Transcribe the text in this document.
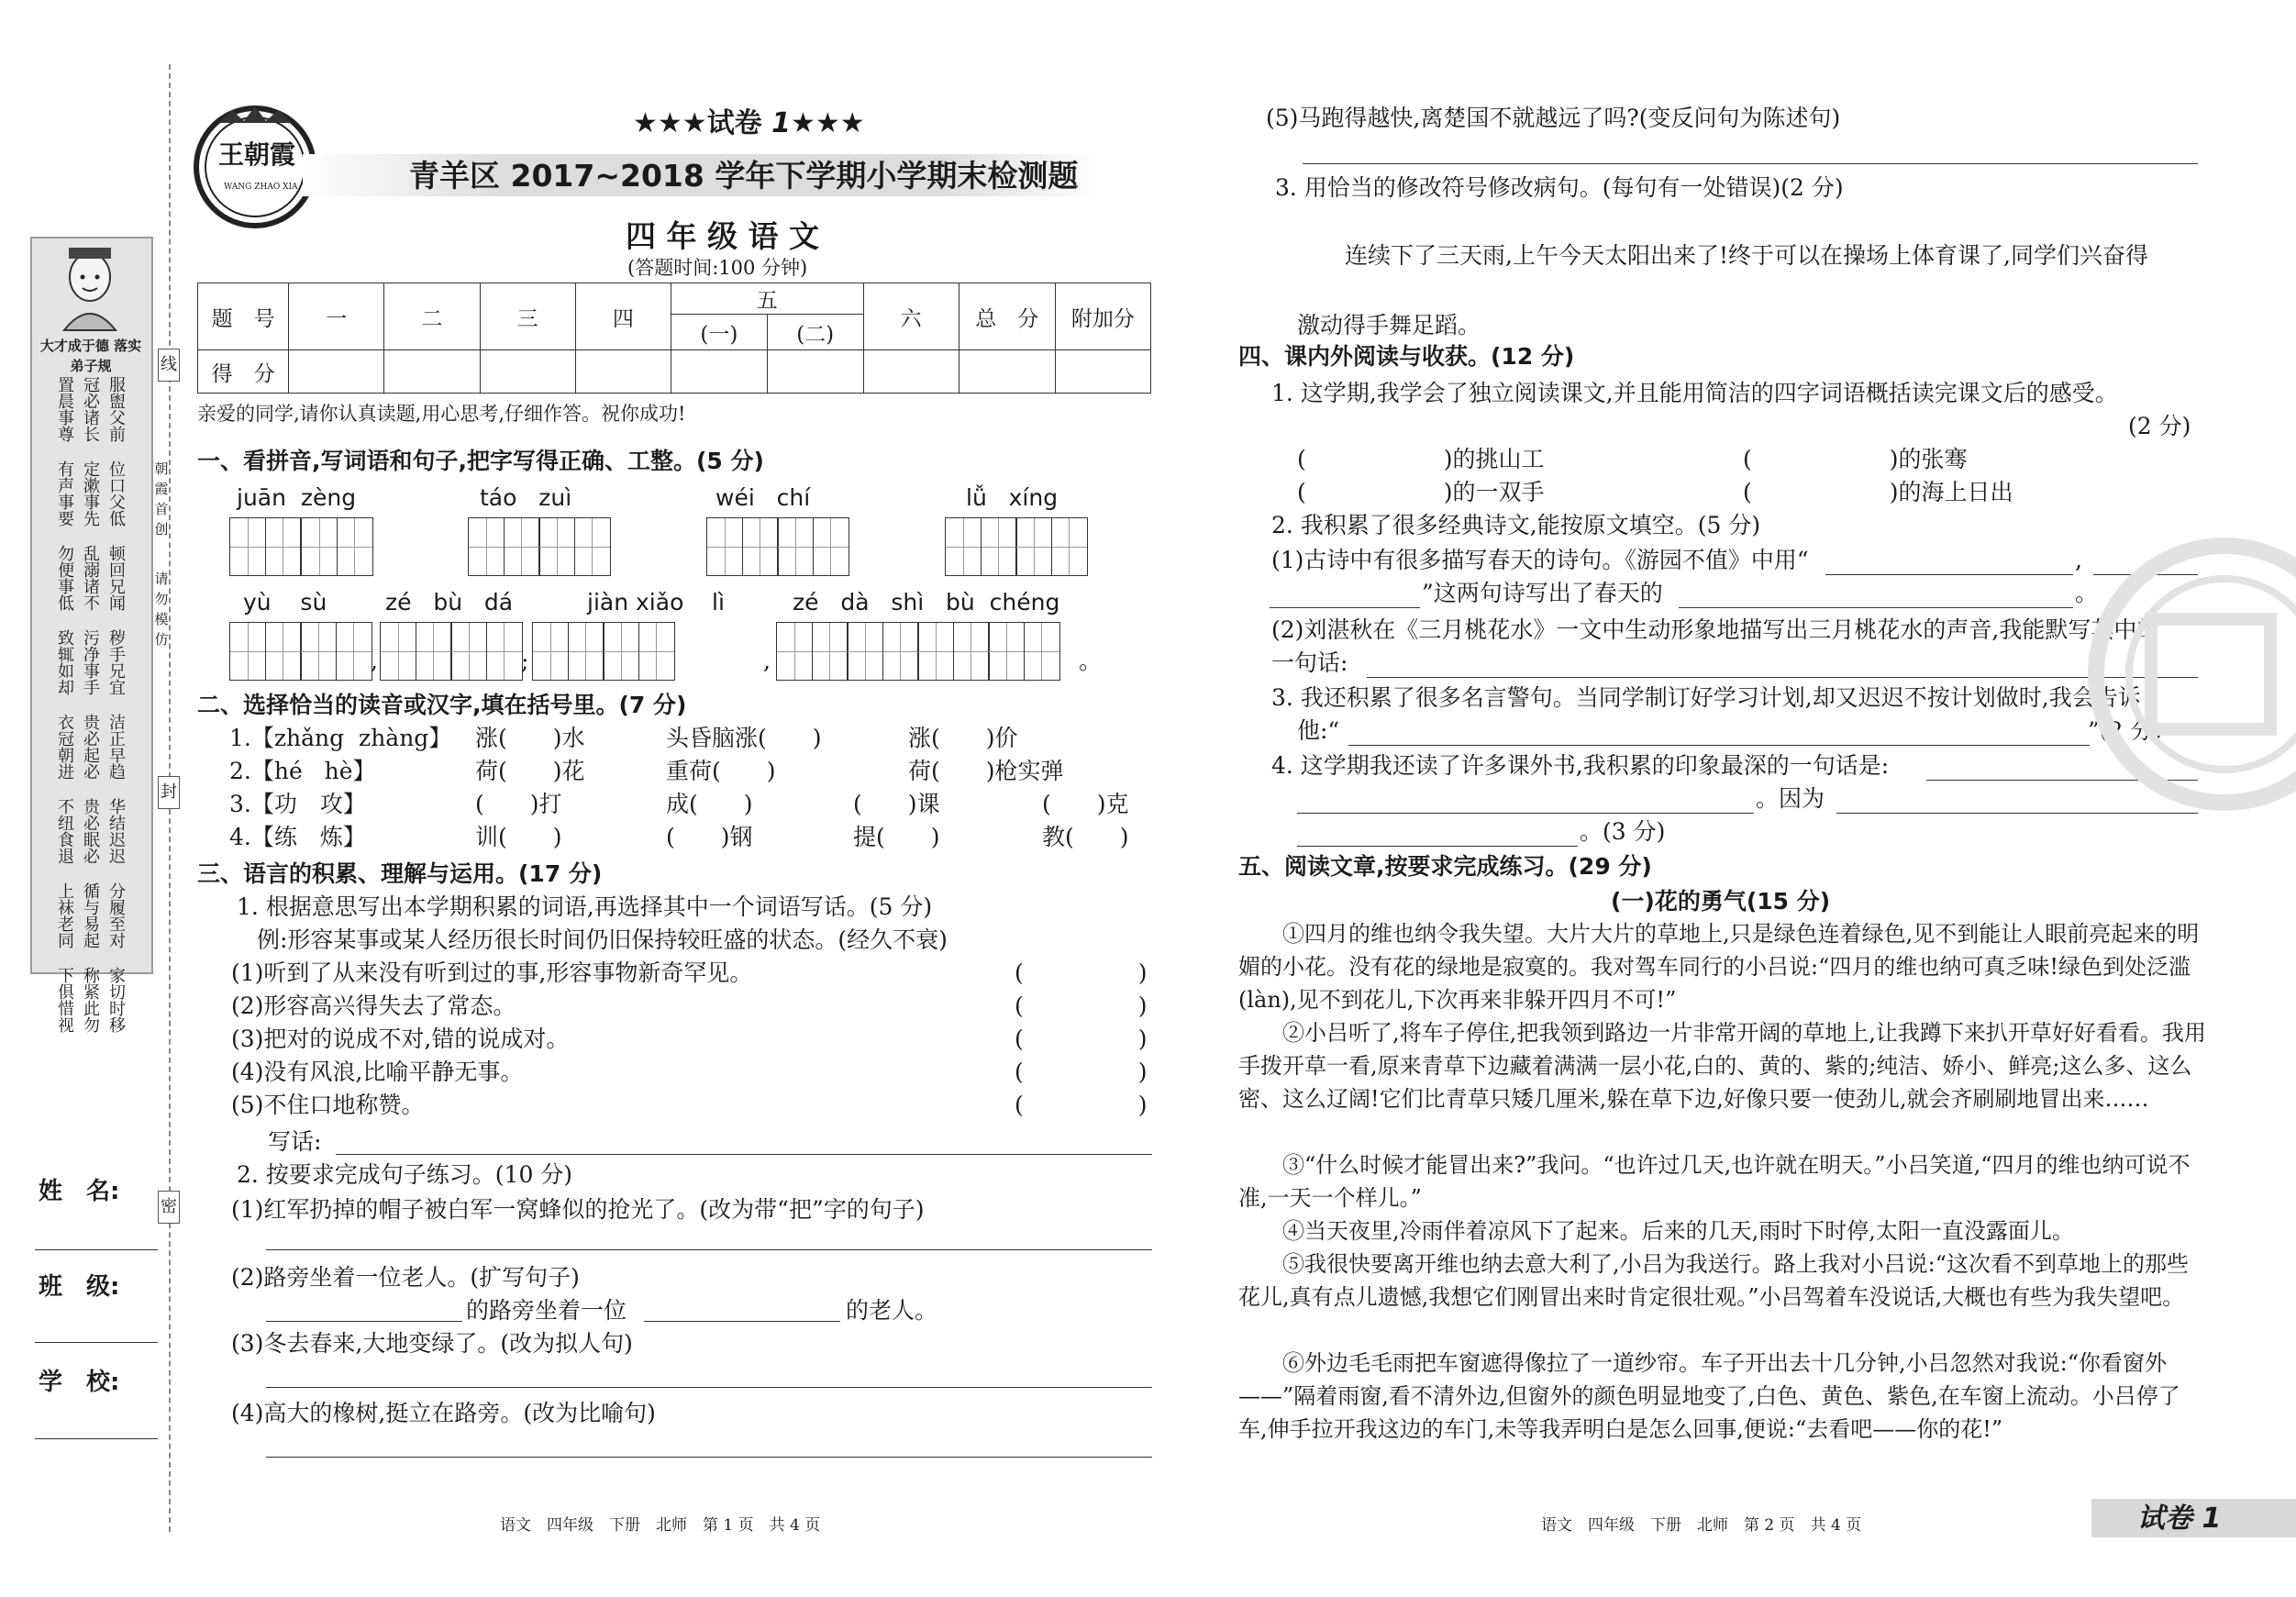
大才成于德 落实弟子规
置晨事尊 冠必诸长 服盥父前
有声事要 定漱事先 位口父低
勿便事低 乱溺诸不 顿回兄闻
致辄如却 污净事手 秽手兄宜
衣冠朝进 贵必起必 洁正早趋
不纽食退 贵必眠必 华结迟迟
上袜老同 循与易起 分履至对
下俱惜视 称紧此勿 家切时移
姓　名:
班　级:
学　校:
线
封
密
朝霞首创
请勿模仿
王朝霞
WANG ZHAO XIA
★★★试卷 1★★★
青羊区 2017~2018 学年下学期小学期末检测题
四 年 级 语 文
(答题时间:100 分钟)
题　号	一	二	三	四	五		六	总　分	附加分
					(一)	(二)			
得　分									
亲爱的同学,请你认真读题,用心思考,仔细作答。祝你成功!
一、看拼音,写词语和句子,把字写得正确、工整。(5 分)
juān  zèng	táo   zuì	wéi   chí	lǚ   xíng
yù    sù	zé   bù   dá	jiàn xiǎo lì	zé   dà   shì   bù  chéng
,	;	,	。
二、选择恰当的读音或汉字,填在括号里。(7 分)
1.【zhǎng  zhàng】 涨(　　)水	头昏脑涨(　　)	涨(　　)价
2.【hé   hè】	荷(　　)花	重荷(　　)	荷(　　)枪实弹
3.【功　攻】	(　　)打	成(　　)	(　　)课	(　　)克
4.【练　炼】	训(　　)	(　　)钢	提(　　)	教(　　)
三、语言的积累、理解与运用。(17 分)
1. 根据意思写出本学期积累的词语,再选择其中一个词语写话。(5 分)
例:形容某事或某人经历很长时间仍旧保持较旺盛的状态。(经久不衰)
(1)听到了从来没有听到过的事,形容事物新奇罕见。	(　　　　　)
(2)形容高兴得失去了常态。	(　　　　　)
(3)把对的说成不对,错的说成对。	(　　　　　)
(4)没有风浪,比喻平静无事。	(　　　　　)
(5)不住口地称赞。	(　　　　　)
写话:
2. 按要求完成句子练习。(10 分)
(1)红军扔掉的帽子被白军一窝蜂似的抢光了。(改为带“把”字的句子)
(2)路旁坐着一位老人。(扩写句子)
的路旁坐着一位	的老人。
(3)冬去春来,大地变绿了。(改为拟人句)
(4)高大的橡树,挺立在路旁。(改为比喻句)
语文　四年级　下册　北师　第 1 页　共 4 页
(5)马跑得越快,离楚国不就越远了吗?(变反问句为陈述句)
3. 用恰当的修改符号修改病句。(每句有一处错误)(2 分)
连续下了三天雨,上午今天太阳出来了!终于可以在操场上体育课了,同学们兴奋得
激动得手舞足蹈。
四、课内外阅读与收获。(12 分)
1. 这学期,我学会了独立阅读课文,并且能用简洁的四字词语概括读完课文后的感受。
(2 分)
(　　　　　　)的挑山工	(　　　　　　)的张骞
(　　　　　　)的一双手	(　　　　　　)的海上日出
2. 我积累了很多经典诗文,能按原文填空。(5 分)
(1)古诗中有很多描写春天的诗句。《游园不值》中用“	,
”这两句诗写出了春天的	。
(2)刘湛秋在《三月桃花水》一文中生动形象地描写出三月桃花水的声音,我能默写其中的
一句话:
3. 我还积累了很多名言警句。当同学制订好学习计划,却又迟迟不按计划做时,我会告诉
他:“	”(2 分)
4. 这学期我还读了许多课外书,我积累的印象最深的一句话是:
。因为
。(3 分)
五、阅读文章,按要求完成练习。(29 分)
(一)花的勇气(15 分)
①四月的维也纳令我失望。大片大片的草地上,只是绿色连着绿色,见不到能让人眼前亮起来的明媚的小花。没有花的绿地是寂寞的。我对驾车同行的小吕说:“四月的维也纳可真乏味!绿色到处泛滥(làn),见不到花儿,下次再来非躲开四月不可!”
②小吕听了,将车子停住,把我领到路边一片非常开阔的草地上,让我蹲下来扒开草好好看看。我用手拨开草一看,原来青草下边藏着满满一层小花,白的、黄的、紫的;纯洁、娇小、鲜亮;这么多、这么密、这么辽阔!它们比青草只矮几厘米,躲在草下边,好像只要一使劲儿,就会齐刷刷地冒出来……
③“什么时候才能冒出来?”我问。“也许过几天,也许就在明天。”小吕笑道,“四月的维也纳可说不准,一天一个样儿。”
④当天夜里,冷雨伴着凉风下了起来。后来的几天,雨时下时停,太阳一直没露面儿。
⑤我很快要离开维也纳去意大利了,小吕为我送行。路上我对小吕说:“这次看不到草地上的那些花儿,真有点儿遗憾,我想它们刚冒出来时肯定很壮观。”小吕驾着车没说话,大概也有些为我失望吧。
⑥外边毛毛雨把车窗遮得像拉了一道纱帘。车子开出去十几分钟,小吕忽然对我说:“你看窗外——”隔着雨窗,看不清外边,但窗外的颜色明显地变了,白色、黄色、紫色,在车窗上流动。小吕停了车,伸手拉开我这边的车门,未等我弄明白是怎么回事,便说:“去看吧——你的花!”
语文　四年级　下册　北师　第 2 页　共 4 页	试卷 1
